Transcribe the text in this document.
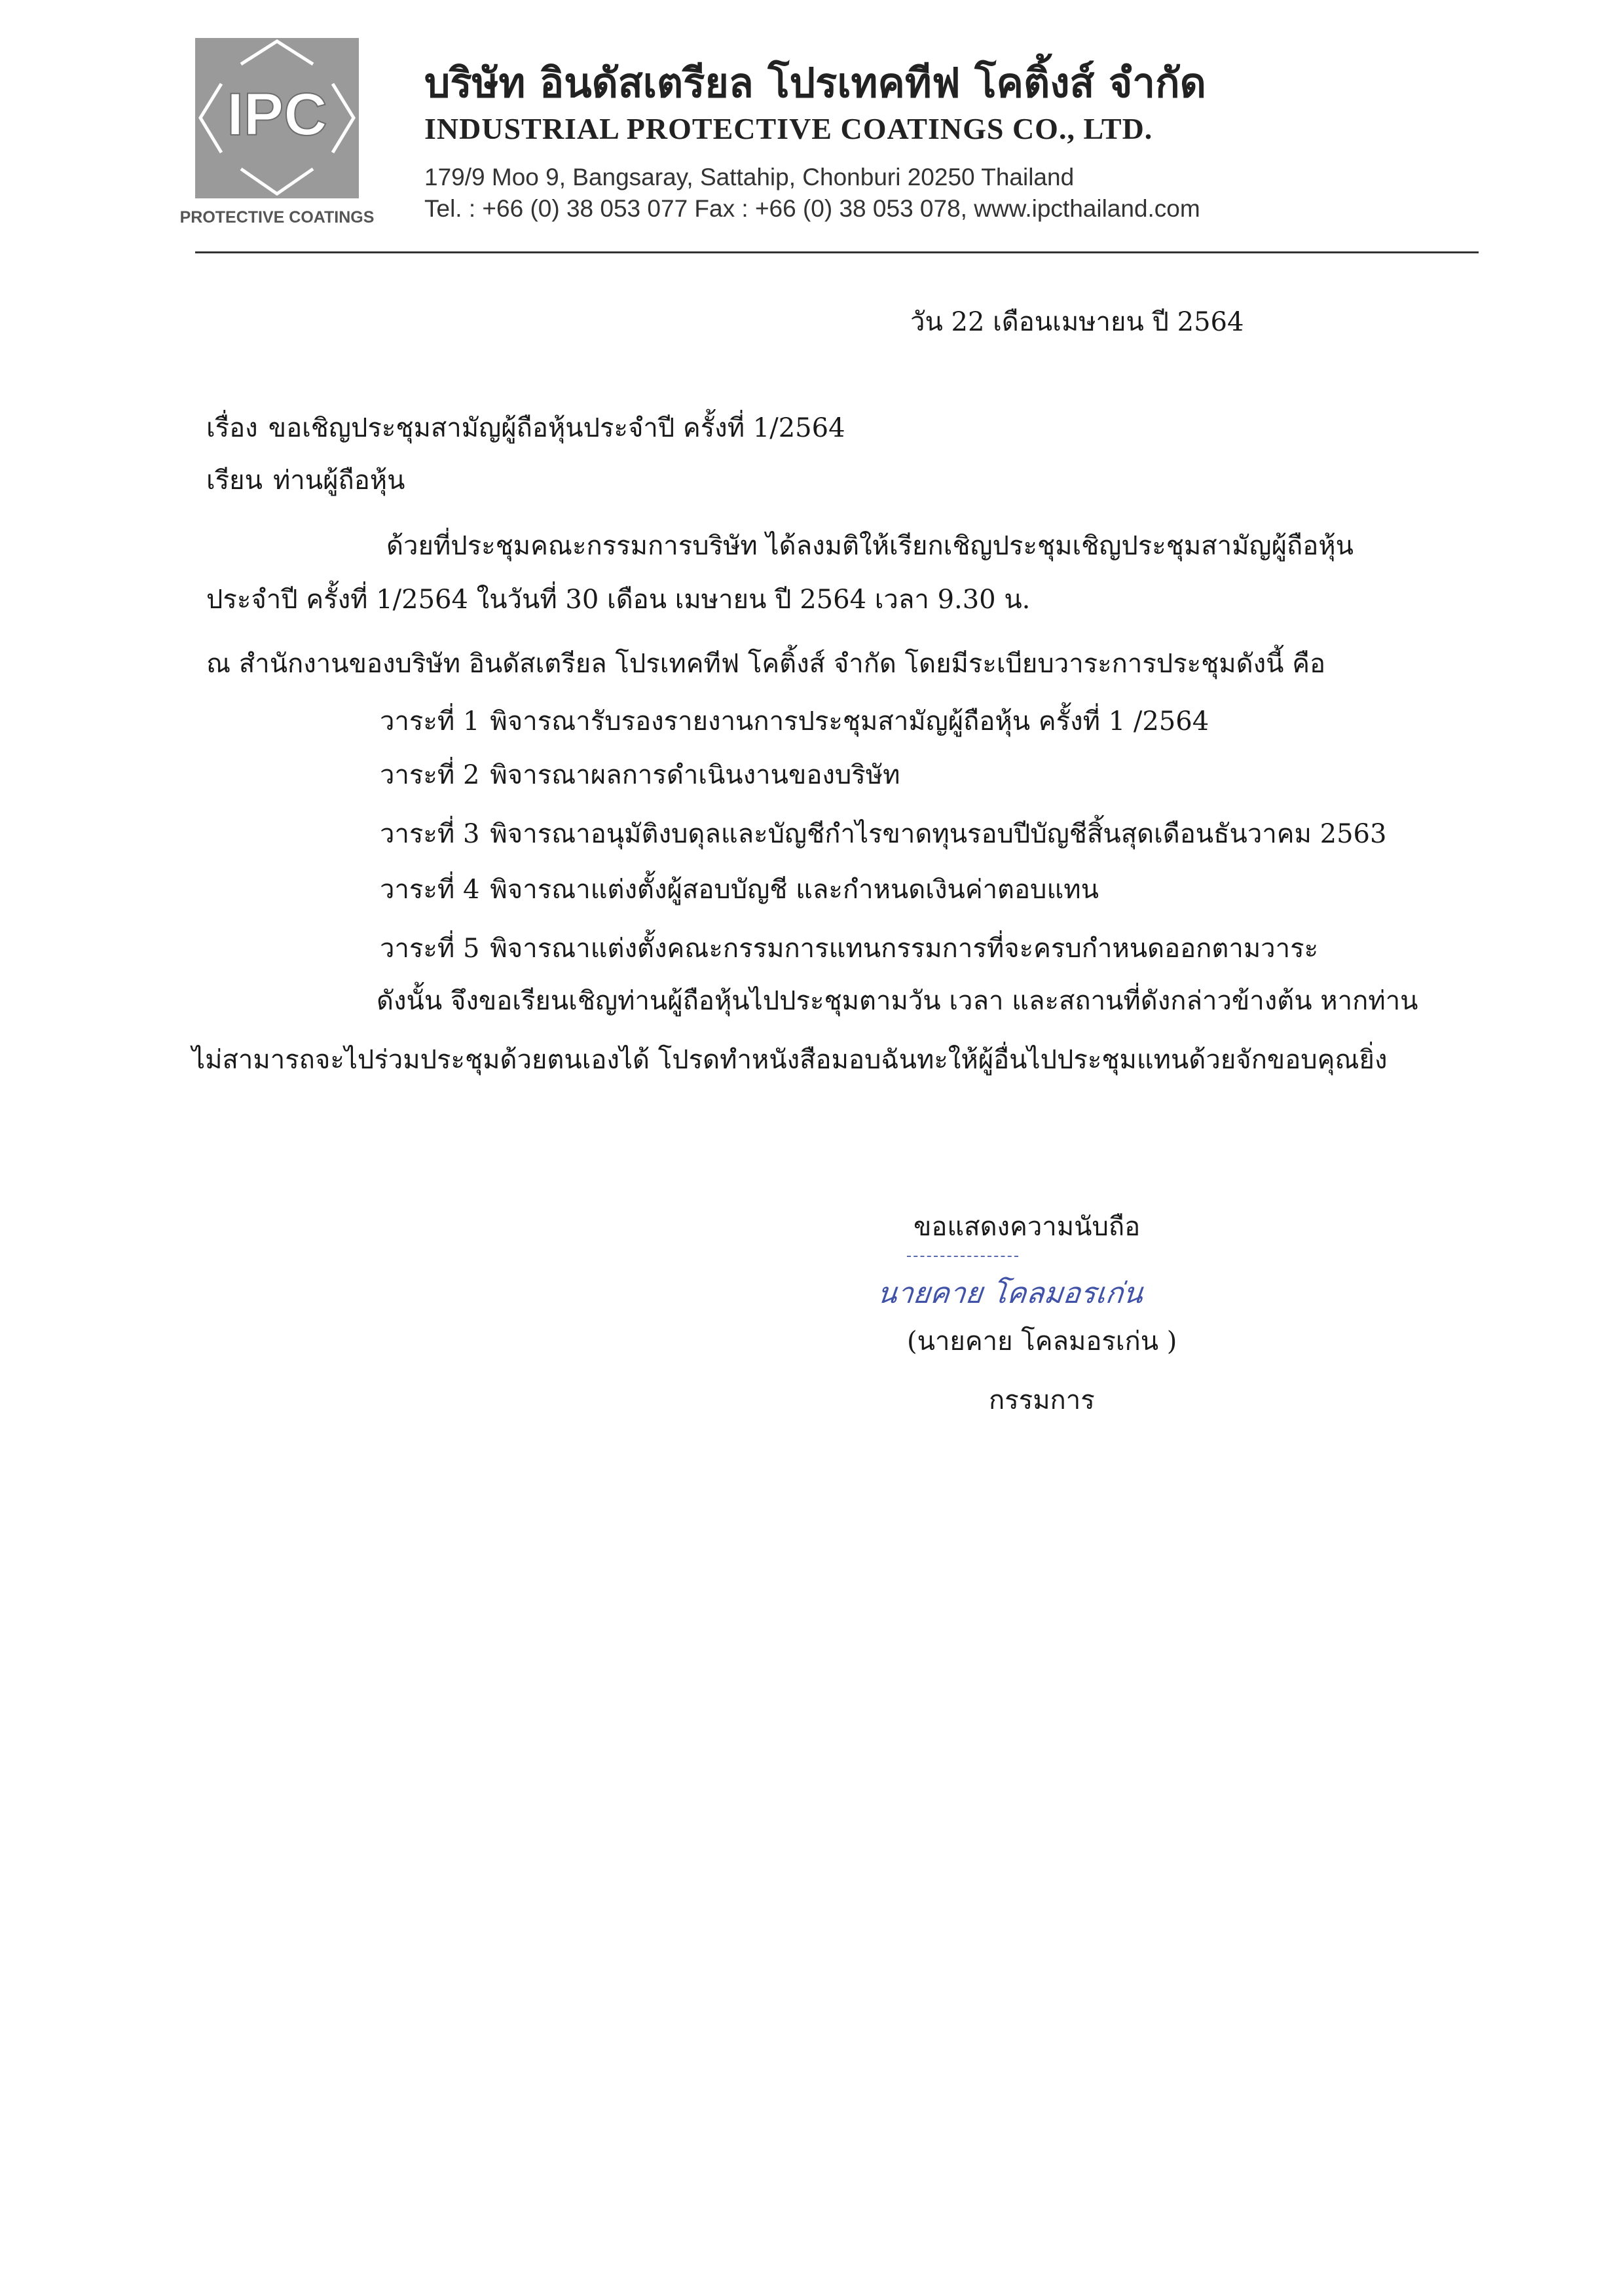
IPC
PROTECTIVE COATINGS
บริษัท อินดัสเตรียล โปรเทคทีฟ โคติ้งส์ จำกัด
INDUSTRIAL PROTECTIVE COATINGS CO., LTD.
179/9 Moo 9, Bangsaray, Sattahip, Chonburi 20250 Thailand
Tel. : +66 (0) 38 053 077 Fax : +66 (0) 38 053 078, www.ipcthailand.com
วัน 22 เดือนเมษายน ปี 2564
เรื่อง ขอเชิญประชุมสามัญผู้ถือหุ้นประจำปี ครั้งที่ 1/2564
เรียน ท่านผู้ถือหุ้น
ด้วยที่ประชุมคณะกรรมการบริษัท ได้ลงมติให้เรียกเชิญประชุมเชิญประชุมสามัญผู้ถือหุ้น
ประจำปี ครั้งที่ 1/2564 ในวันที่ 30 เดือน เมษายน ปี 2564 เวลา 9.30 น.
ณ สำนักงานของบริษัท อินดัสเตรียล โปรเทคทีฟ โคติ้งส์ จำกัด โดยมีระเบียบวาระการประชุมดังนี้ คือ
วาระที่ 1 พิจารณารับรองรายงานการประชุมสามัญผู้ถือหุ้น ครั้งที่ 1 /2564
วาระที่ 2 พิจารณาผลการดำเนินงานของบริษัท
วาระที่ 3 พิจารณาอนุมัติงบดุลและบัญชีกำไรขาดทุนรอบปีบัญชีสิ้นสุดเดือนธันวาคม 2563
วาระที่ 4 พิจารณาแต่งตั้งผู้สอบบัญชี และกำหนดเงินค่าตอบแทน
วาระที่ 5 พิจารณาแต่งตั้งคณะกรรมการแทนกรรมการที่จะครบกำหนดออกตามวาระ
ดังนั้น จึงขอเรียนเชิญท่านผู้ถือหุ้นไปประชุมตามวัน เวลา และสถานที่ดังกล่าวข้างต้น หากท่าน
ไม่สามารถจะไปร่วมประชุมด้วยตนเองได้ โปรดทำหนังสือมอบฉันทะให้ผู้อื่นไปประชุมแทนด้วยจักขอบคุณยิ่ง
ขอแสดงความนับถือ
นายคาย โคลมอรเก่น
(นายคาย โคลมอรเก่น )
กรรมการ
